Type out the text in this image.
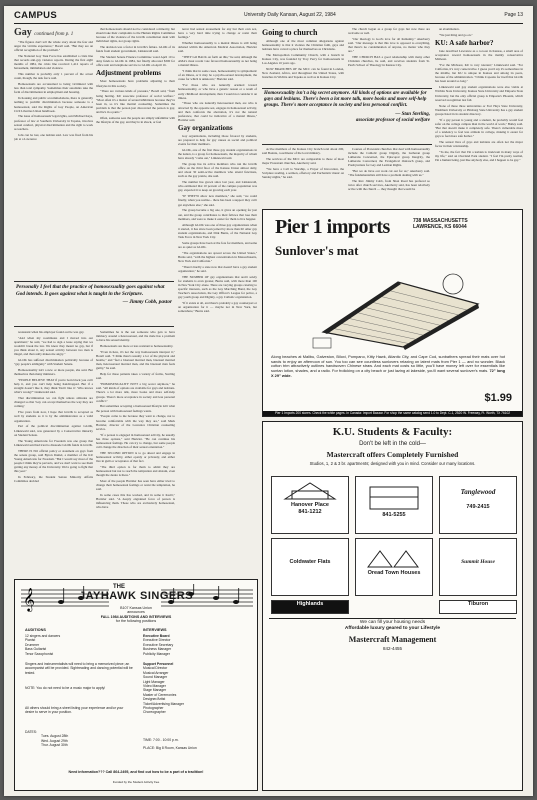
CAMPUS	University Daily Kansan, August 22, 1984	Page 13
Gay continued from p. 1

"The figures don't tell the whole story about the fear and anger the victims experience," Borell said. "But they are an official recognition of the problem."

The National Gay Task Force has established a crisis line that records anti-gay violence reports. During the first eight months of 1984, the crisis line received 1,412 reports of harassment, intimidation and violence.

This number is probably only 1 percent of the actual count, though, the task force said.

Homosexuals are accustomed to being victimized with less than total sympathy. Sometimes their assailants take the form of discrimination in employment and housing.

In housing and public accommodations, there is generally nothing to prohibit discrimination because someone is a homosexual, said the Rights of Gay People, an American Civil Liberties Union handbook.

The issue of homosexuals' legal rights, said Michael Kaye, professor of law at Southern University in Topeka, involves sexual conduct, physical discrimination and the right to work as teachers.

Jobs can be lost, one lesbian said. Law was fired from his job at a Lawrence

Personally I feel that the practice of homosexuality goes against what God intends. It goes against what is taught in the Scripture.
— Jimmy Cobb, pastor

restaurant when his employer found out he was gay.

"And when my roommates and I moved into our apartment," he said, "we had to sign a lease saying that we wouldn't break the law. We knew they meant no gay, but if you think about it, any sexual activity between two men is illegal, and that really makes me angry."

GLOK has suffered discrimination politically because of "gay people's ambiguity" with Student Senate.

Homosexuality isn't a new or more people, she said. But themselves than many ministers.

"PEOPLE BELIEVE THAT if you're born black you can't help it, and you can't help being handicapped. But if a straight doesn't like it, they think 'Don't like it'. Who knows what's wrong?" Linkiewald said.

That discrimination we can fight unless attitudes are changed so that 'Gay can accept themselves the way they are coming.'

Five years from now, I hope that GLOK is accepted as well by students as it is by the administration as a valid organization.

Part of the political discrimination against GLOK, Linkiewald said, was generated by a Conservative minority on Student Senate.

The Young Americans for Freedom was one group that Linkiewald said had tried to dissuade GLOK funds in GLOK.

THERE IS NO official policy or statement on gays from the senate group, said Byron Daniel, a member of the KU Young Americans for Freedom. "But I would say most of the people I think they're perverts, and we don't want to see them getting any money of the University. We're going to fight that this year."

In February, the Student Senate Minority Affairs Committee decided

that homosexuals should not be considered a minority, but should take their complaints to the Human Rights Committee because of the violence of the GLOK constitution dealt with individual rights, not group rights.

The decision was a factor in GLOK's failure. GLOK of its funds from student government, Linkiewald said.

The Student Senate Finance Committee voted April 10 to deny funds to GLOK in 1984, but finally allocated $300 for office rent and telephone service to GLOK on April 16.

Adjustment problems

Most homosexuals have problems adjusting to their lifestyles in this society.

"There are various kinds of pressure," Borell said, "from being hurting. KU associate professor of social welfare." "Most often it's a matter of sexual inhibitions because they've been in, so it's like marital counseling. Sometimes the problem is that the person just discovered the person is gay, and he's in a panic."

Often, someone sees the people are simply unfamiliar with the lifestyle of the gay, and they're in shock, or feel

Sometimes he is the son someone who gets to have intimacy around a heterosexual, and the male has a problem to have his sexual identity.

Homosexuals are more or less resistant to homosexuality.

"Even in here, it's not the way homosexuals interpret it," Borell said. "I think there's usually a lot of the physical and hostile," and "feel a bisexual married man, bisexual married man, heterosexual married man, and the bisexual man feels guilty," he said.

Help for these patients takes a variety of forms, Sterling said.

"HOMOSEXUALITY ISN'T a big secret anymore," he said. "All kinds of options are available for gays and lesbians. There's a lot more talk, more books and more self-help groups. There's more acceptance in society and less personal conflict."

But sometimes accepting a homosexual lifestyle isn't what the person with homosexual feelings wants.

"People come to me because they want to change, not to become comfortable with the way they are," said Mark Hartzler, director of the Lawrence Christian counseling service.

"If a person is engaged in homosexual activity, he usually has three options," said Hartzler. "He can continue his homosexual feelings. He can try to change, but some people can't change the direction of their sexual orientation."

THE SECOND OPTION is to go ahead and engage in homosexual activity, either openly or privately, and either live in guilt or acceptance of that fact.

"The third option is for them to admit they are homosexual but not to reach the temptation and abstain, even though the desire is there."

Most of the people Hartzler has seen have either tried to change their homosexual feelings or resist the temptation, he said.

In some cases this has worked, and in some it hasn't," Hartzler said. "A deeply engrained force of person is influencing them. Those who are exclusively homosexual, who have

never had sexual arousement for any but their own sex, have a very hard time trying to change or resist their feelings."

Whether homosexuality is a mental illness is still being debated within the American Medical Association, Hartzler said.

"THEY GO BACK on forth on this," he said, although the AMA's most recent vote favored homosexuality as not being a mental illness.

"I think that in some cases, homosexuality is symptomatic of an illness, or it may be a psycho-sexual development, the cause for which is unknown," Hartzler said.

"For those who are naturally oriented toward homosexuality, or who have a genetic reason or a result of early childhood development, then I would not consider it an illness.

"Those who are naturally heterosexual men, are who is attracted by the opposite sex, engages in homosexual activity, and then confronts the aberration, it's not the natural preference, that could be indicative of a mental illness," Hartzler said.

Gay organizations

Gay organizations, including those favored by students, are prepared to help for gay causes as social and political events for their members.

GLOK, one of the first three gay student organizations in the nation, is a group for homosexuals, the majority of whom have already "come out," Linkiewald said.

The group has its active members who run the GLOK office on the third floor of the Kansas Union almost daily, and about 30 semi-active members who attend functions, such as the gay prairie, she said.

The number has grown since last year, and Linkiewald, who estimated that 10 percent of the campus population was gay, expected it to keep on growing each year.

"IF THEY'D allow new members," she said, "we could finally, when you realize... there has been a support they can't get anywhere else," she said.

The group became a big one, it gives an opening for just out, and the group contributes to their fellows that lose their members, and were to make it easier for them to live happier.

Although GLOK was one of three gay organizations when it started, it has since been joined by more than 60 other gay student organizations, and Dirk Burns, of the National Gay Task Force in New York City.

Some groups have been at the fore for members, and some are as quiet as GLOK.

"The organizations are spread across the United States," Burns said, "with the highest concentration in Massachusetts, New York and California."

"There's hardly a state now that doesn't have a gay student organization," he said.

THE NUMBER OF gay organizations that aren't solely for students is even greater, Burns said, with more than 100 in New York City alone. There are varying groups catering to specific interests, such as the Gay Marching Band, the Gay Teacher's Association, the Gay Officer's League for police, a gay youth group and Dignity, a gay Catholic organization.

"If it exists at all, and there's probably a gay counterpart or an organization for it — maybe not in New York, but somewhere," Burns said.

Going to church

Although one of the most common allegations against homosexuality is that it violates the Christian faith, gays and lesbians have carved a place for themselves as Christians.

The Metropolitan Community Church, with a branch in Kansas City, was founded by Troy Perry for homosexuals in Los Angeles 16 years ago.

NOW BRANCHES OF the MCC can be found in London, New Zealand, Africa, and throughout the United States, with branches in Wichita and Topeka as well as in Kansas City.

The church began as a group for gays but now there are welcome as well.

"Our theology is God's love for all humanity," Akerberry said. "Our message is that this love is opposed to everything, that there's no condemnation of anyone, no matter who they are."

THE CHURCH HAS a good relationship with many other Christian churches, he said, and receives students from St. Paul's School of Theology in Kansas City.

Homosexuality isn't a big secret anymore. All kinds of options are available for gays and lesbians. There's been a lot more talk, more books and more self-help groups. There's more acceptance in society and less personal conflict.
— Stan Sterling,
associate professor of social welfare

Active members of the Kansas City branch total about 200, said Bonnie, coordinator of the local ministry.

The services of the MCC are comparable to those of most major Protestant churches, Akerberry said.

"We have a Call to Worship, a Prayer of Invocation, the Scripture reading, a sermon, offertory and Eucharistic music on Sunday nights," he said.

Courses of Protestant churches that deal with homosexuality include the Catholic group Dignity, the Lutheran group Lutherans Concerned, the Episcopal group Integrity, the Lutherans Concerned, the Evangelical Outreach group, and Presbyterians for Gay and Lesbian Rights.

"But we do have our work cut out for us," Akerberry said. "The fundamentalists still have a problem dealing with us."

The Rev. Jimmy Cobb, from Shon Road has prefaced so twice after church services, Akerberry said, has been relatively active with the church — they thought that would be

an abomination.

"We just thing and go on."

KU: A safe harbor?

Jane described Lawrence as a cocoon in Kansas, a small area of acceptance toward homosexuals in the mainly conservative Midwest.

"For the Midwest, KU is very tolerant," Linkiewald said. "For California, it's very conservative. I guess you'd say it's somewhere in the middle, but KU is unique in Kansas and among its peers, because of the administration. "I think it speaks for itself that GLOK has been around so long."

Linkiewald said gay student organizations were also viable at Wichita State University, Kansas State University and Emporia State University, but the only official group is Emporia's Phoenix, which reserved recognition last fall.

None of these three universities or Fort Hays State University, Washburn University or Pittsburg State University has a gay student groups listed in its student directory.

"If a gay person is young and a student, he probably would feel safer on the college campus than in the world of work," Bailey said. "But that doesn't make it completely safe. There's vulnerable more of a tendency to feel less attitude in college, making it easier for gays to feel more safe harbor."

The sexual lives of gays and lesbians are often not the major factor in their relationship.

"To me, the fact that I'm a lesbian is irrelevant in many ways of my life," said an Overland Park student. "I feel I'm pretty normal, I'm a human being, just like anybody else, and I happen to be gay."

Pier 1 imports	738 MASSACHUSETTS
LAWRENCE, KS 66044
Sunlover's mat
Along beaches at Malibu, Galveston, Biloxi, Pompano, Kitty Hawk, Atlantic City, and Cape Cod, sunbathers spread their mats over hot sands to enjoy an afternoon of sun. You too can see countless sunlovers relaxing on latent mats from Pier 1 — and no wonder. Black cotton trim attractively outlines handwoven Chinese straw. And each mat costs so little, you'll have money left over for essentials like suntan lotion, shades, and a radio. For frolicking on a city beach or just lazing at lakeside, you'll want several sunlover's mats. 72" long X 29" wide.
$1.99
Pier 1 Imports 200 stores. Check the white pages. In Canada: Import Bazaar. For shop the same catalog send 1.0 to Dept. C-1, 2520 W. Freeway, Ft. Worth, TX 76102
𝄞	THE
JAYHAWK SINGERS
B107 Kansas Union
announces
FALL 1984 AUDITIONS AND INTERVIEWS
for the following positions
AUDITIONS
12 singers and dancers
Pianist
Drummer
Bass Guitarist
Tenor Saxophonist
Singers and instrumentalists will need to bring a memorized piece; an accompanist will be provided. Sightreading and dancing potential will be tested.
NOTE: You do not need to be a music major to apply!
All others should bring a sheet listing your experience and/or your desire to serve in your position.
DATES:
Tues. August 28th
Wed. August 29th
Thur. August 30th
INTERVIEWS
Executive Board
Executive Director
Executive Secretary
Business Manager
Publicity Manager
Support Personnel
Musical Director
Musical Arranger
Sound Manager
Light Manager
Video Manager
Stage Manager
Master of Ceremonies
Designer/Artist
Ticket/Advertising Manager
Photographer
Choreographer
TIME: 7:00 - 10:00 p.m.
PLACE: Big 8 Room, Kansas Union
Need information??? Call 864-2495, and find out how to be a part of a tradition!
Funded by the Student Activity Fee
K.U. Students & Faculty:
Don't be left in the cold—
Mastercraft offers Completely Furnished
Studios, 1, 2 & 3 br. apartments; designed with you in mind. Consider our many locations.
Hanover Place
841-1212
841-5255
Tanglewood
749-2415
Coldwater Flats
Oread Town Houses
Summit House
Highlands	Tiburon
We can fill your housing needs
Affordable luxury geared to your Lifestyle
Mastercraft Management
842-4455
